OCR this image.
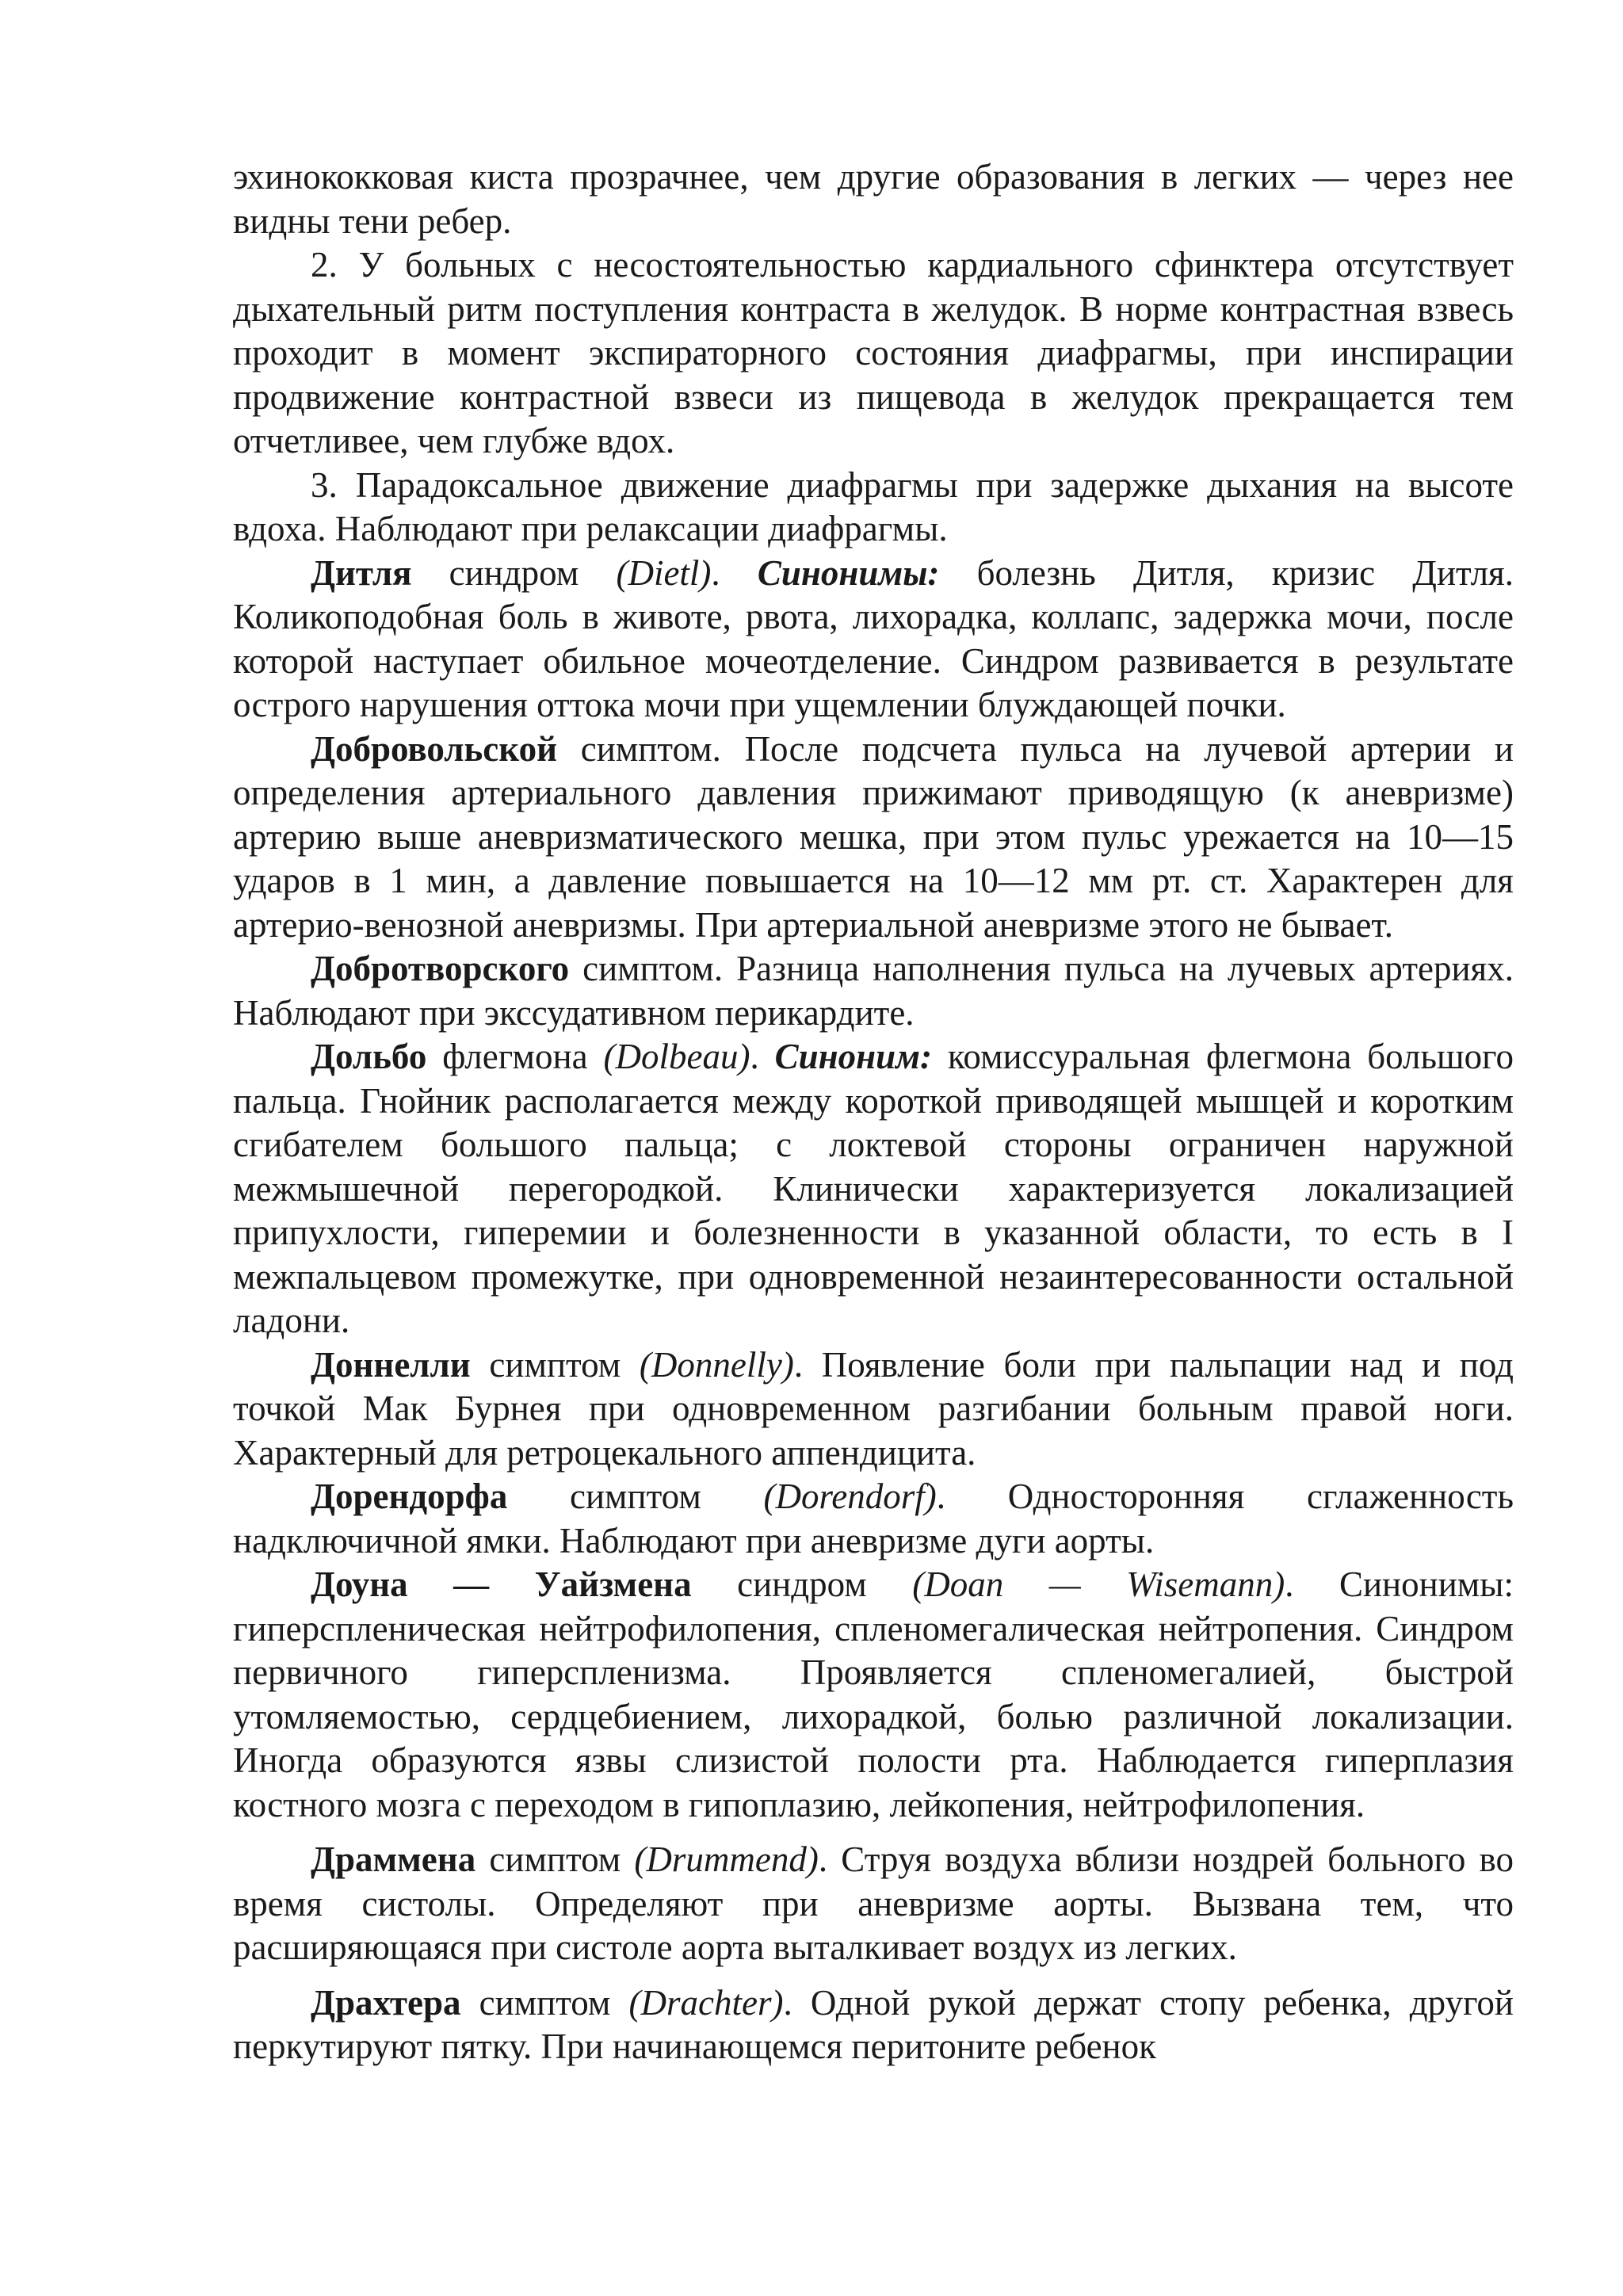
эхинококковая киста прозрачнее, чем другие образования в легких — через нее видны тени ребер.

2. У больных с несостоятельностью кардиального сфинктера отсутствует дыхательный ритм поступления контраста в желудок. В норме контрастная взвесь проходит в момент экспираторного состояния диафрагмы, при инспирации продвижение контрастной взвеси из пищевода в желудок прекращается тем отчетливее, чем глубже вдох.

3. Парадоксальное движение диафрагмы при задержке дыхания на высоте вдоха. Наблюдают при релаксации диафрагмы.

Дитля синдром (Dietl). Синонимы: болезнь Дитля, кризис Дитля. Коликоподобная боль в животе, рвота, лихорадка, коллапс, задержка мочи, после которой наступает обильное мочеотделение. Синдром развивается в результате острого нарушения оттока мочи при ущемлении блуждающей почки.

Добровольской симптом. После подсчета пульса на лучевой артерии и определения артериального давления прижимают приводящую (к аневризме) артерию выше аневризматического мешка, при этом пульс урежается на 10—15 ударов в 1 мин, а давление повышается на 10—12 мм рт. ст. Характерен для артерио-венозной аневризмы. При артериальной аневризме этого не бывает.

Добротворского симптом. Разница наполнения пульса на лучевых артериях. Наблюдают при экссудативном перикардите.

Дольбо флегмона (Dolbeau). Синоним: комиссуральная флегмона большого пальца. Гнойник располагается между короткой приводящей мышцей и коротким сгибателем большого пальца; с локтевой стороны ограничен наружной межмышечной перегородкой. Клинически характеризуется локализацией припухлости, гиперемии и болезненности в указанной области, то есть в I межпальцевом промежутке, при одновременной незаинтересованности остальной ладони.

Доннелли симптом (Donnelly). Появление боли при пальпации над и под точкой Мак Бурнея при одновременном разгибании больным правой ноги. Характерный для ретроцекального аппендицита.

Дорендорфа симптом (Dorendorf). Односторонняя сглаженность надключичной ямки. Наблюдают при аневризме дуги аорты.

Доуна — Уайзмена синдром (Doan — Wisemann). Синонимы: гиперспленическая нейтрофилопения, спленомегалическая нейтропения. Синдром первичного гиперспленизма. Проявляется спленомегалией, быстрой утомляемостью, сердцебиением, лихорадкой, болью различной локализации. Иногда образуются язвы слизистой полости рта. Наблюдается гиперплазия костного мозга с переходом в гипоплазию, лейкопения, нейтрофилопения.

Драммена симптом (Drummend). Струя воздуха вблизи ноздрей больного во время систолы. Определяют при аневризме аорты. Вызвана тем, что расширяющаяся при систоле аорта выталкивает воздух из легких.

Драхтера симптом (Drachter). Одной рукой держат стопу ребенка, другой перкутируют пятку. При начинающемся перитоните ребенок
